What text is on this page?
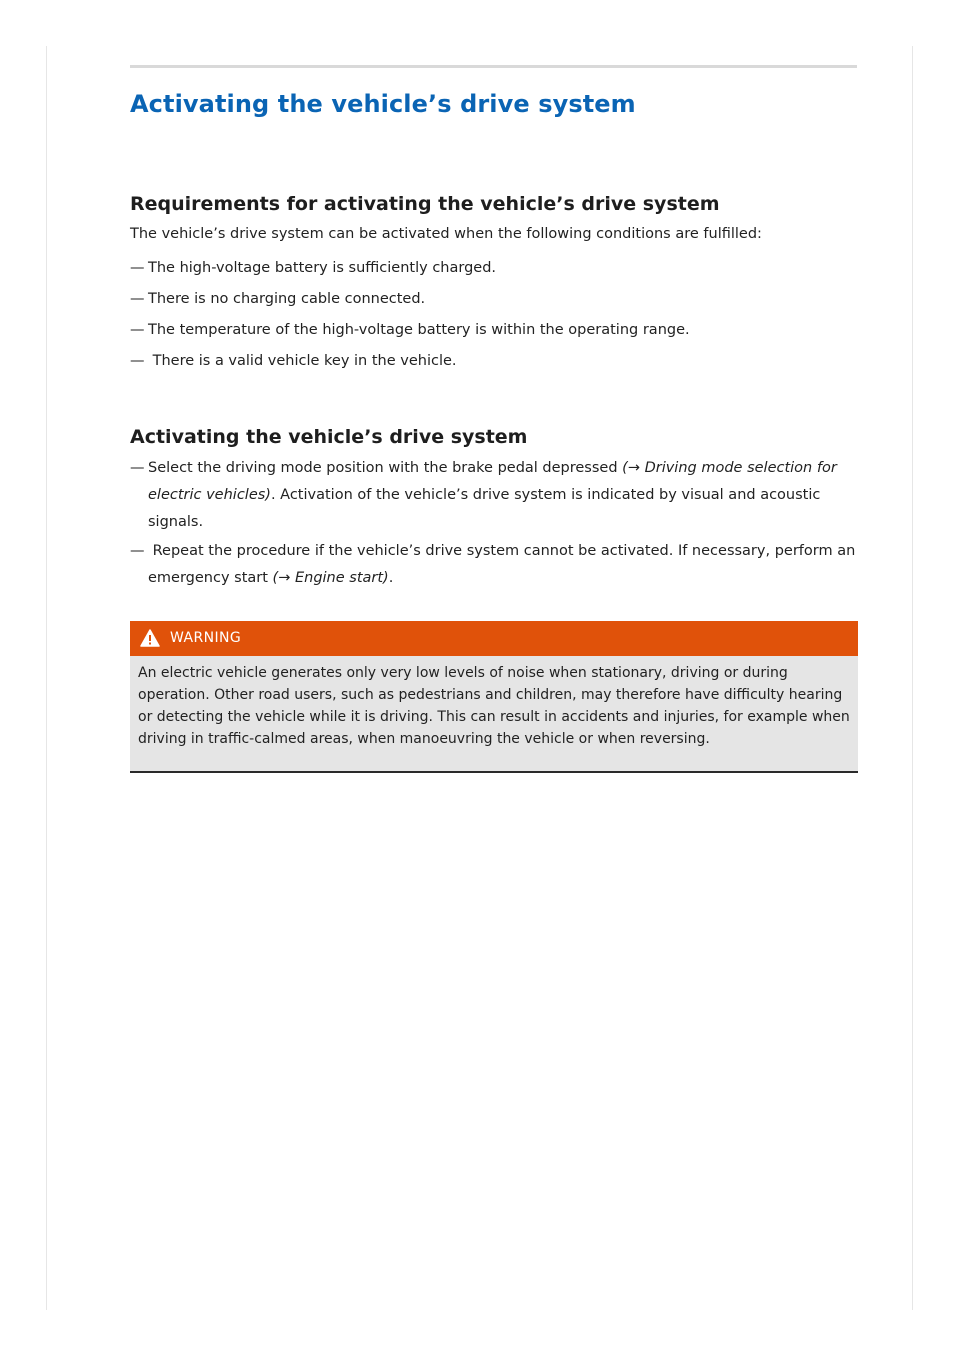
Activating the vehicle’s drive system
Requirements for activating the vehicle’s drive system

The vehicle’s drive system can be activated when the following conditions are fulfilled:

— The high-voltage battery is sufficiently charged.
— There is no charging cable connected.
— The temperature of the high-voltage battery is within the operating range.
— There is a valid vehicle key in the vehicle.
Activating the vehicle’s drive system
— Select the driving mode position with the brake pedal depressed (→ Driving mode selection for electric vehicles). Activation of the vehicle’s drive system is indicated by visual and acoustic signals.
— Repeat the procedure if the vehicle’s drive system cannot be activated. If necessary, perform an emergency start (→ Engine start).
WARNING
An electric vehicle generates only very low levels of noise when stationary, driving or during operation. Other road users, such as pedestrians and children, may therefore have difficulty hearing or detecting the vehicle while it is driving. This can result in accidents and injuries, for example when driving in traffic-calmed areas, when manoeuvring the vehicle or when reversing.
